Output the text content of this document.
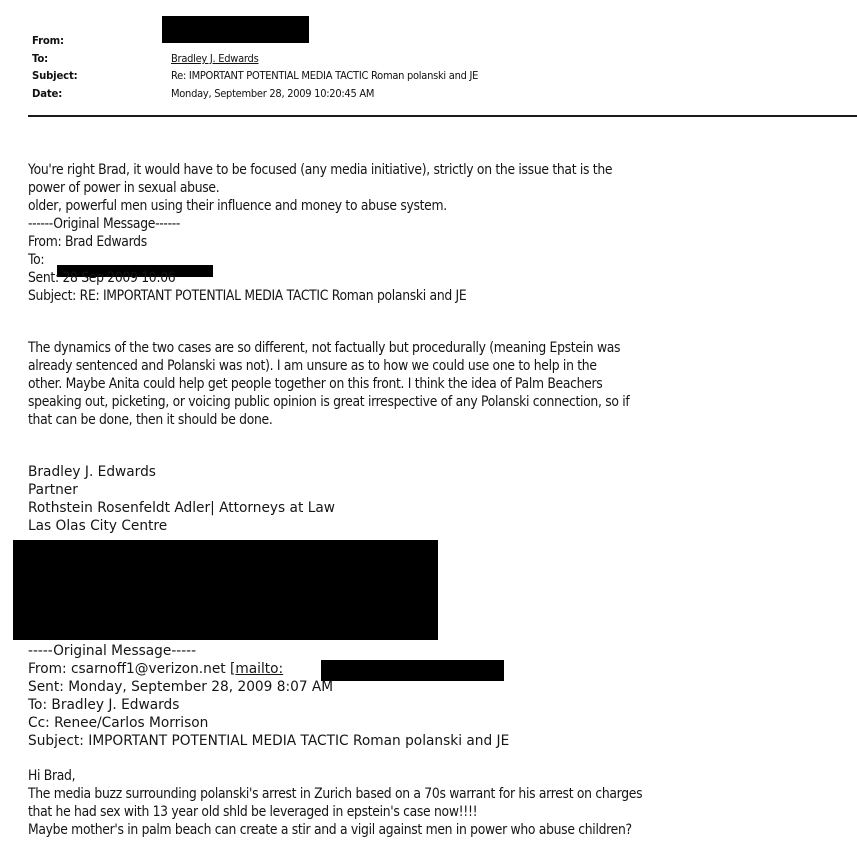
From:
To:	Bradley J. Edwards
Subject:	Re: IMPORTANT POTENTIAL MEDIA TACTIC Roman polanski and JE
Date:	Monday, September 28, 2009 10:20:45 AM
You're right Brad, it would have to be focused (any media initiative), strictly on the issue that is the
power of power in sexual abuse.
older, powerful men using their influence and money to abuse system.
------Original Message------
From: Brad Edwards
To:
Sent: 28 Sep 2009 10:06
Subject: RE: IMPORTANT POTENTIAL MEDIA TACTIC Roman polanski and JE
The dynamics of the two cases are so different, not factually but procedurally (meaning Epstein was
already sentenced and Polanski was not). I am unsure as to how we could use one to help in the
other. Maybe Anita could help get people together on this front. I think the idea of Palm Beachers
speaking out, picketing, or voicing public opinion is great irrespective of any Polanski connection, so if
that can be done, then it should be done.
Bradley J. Edwards
Partner
Rothstein Rosenfeldt Adler| Attorneys at Law
Las Olas City Centre
-----Original Message-----
From: csarnoff1@verizon.net [mailto:
Sent: Monday, September 28, 2009 8:07 AM
To: Bradley J. Edwards
Cc: Renee/Carlos Morrison
Subject: IMPORTANT POTENTIAL MEDIA TACTIC Roman polanski and JE
Hi Brad,
The media buzz surrounding polanski's arrest in Zurich based on a 70s warrant for his arrest on charges
that he had sex with 13 year old shld be leveraged in epstein's case now!!!!
Maybe mother's in palm beach can create a stir and a vigil against men in power who abuse children?
